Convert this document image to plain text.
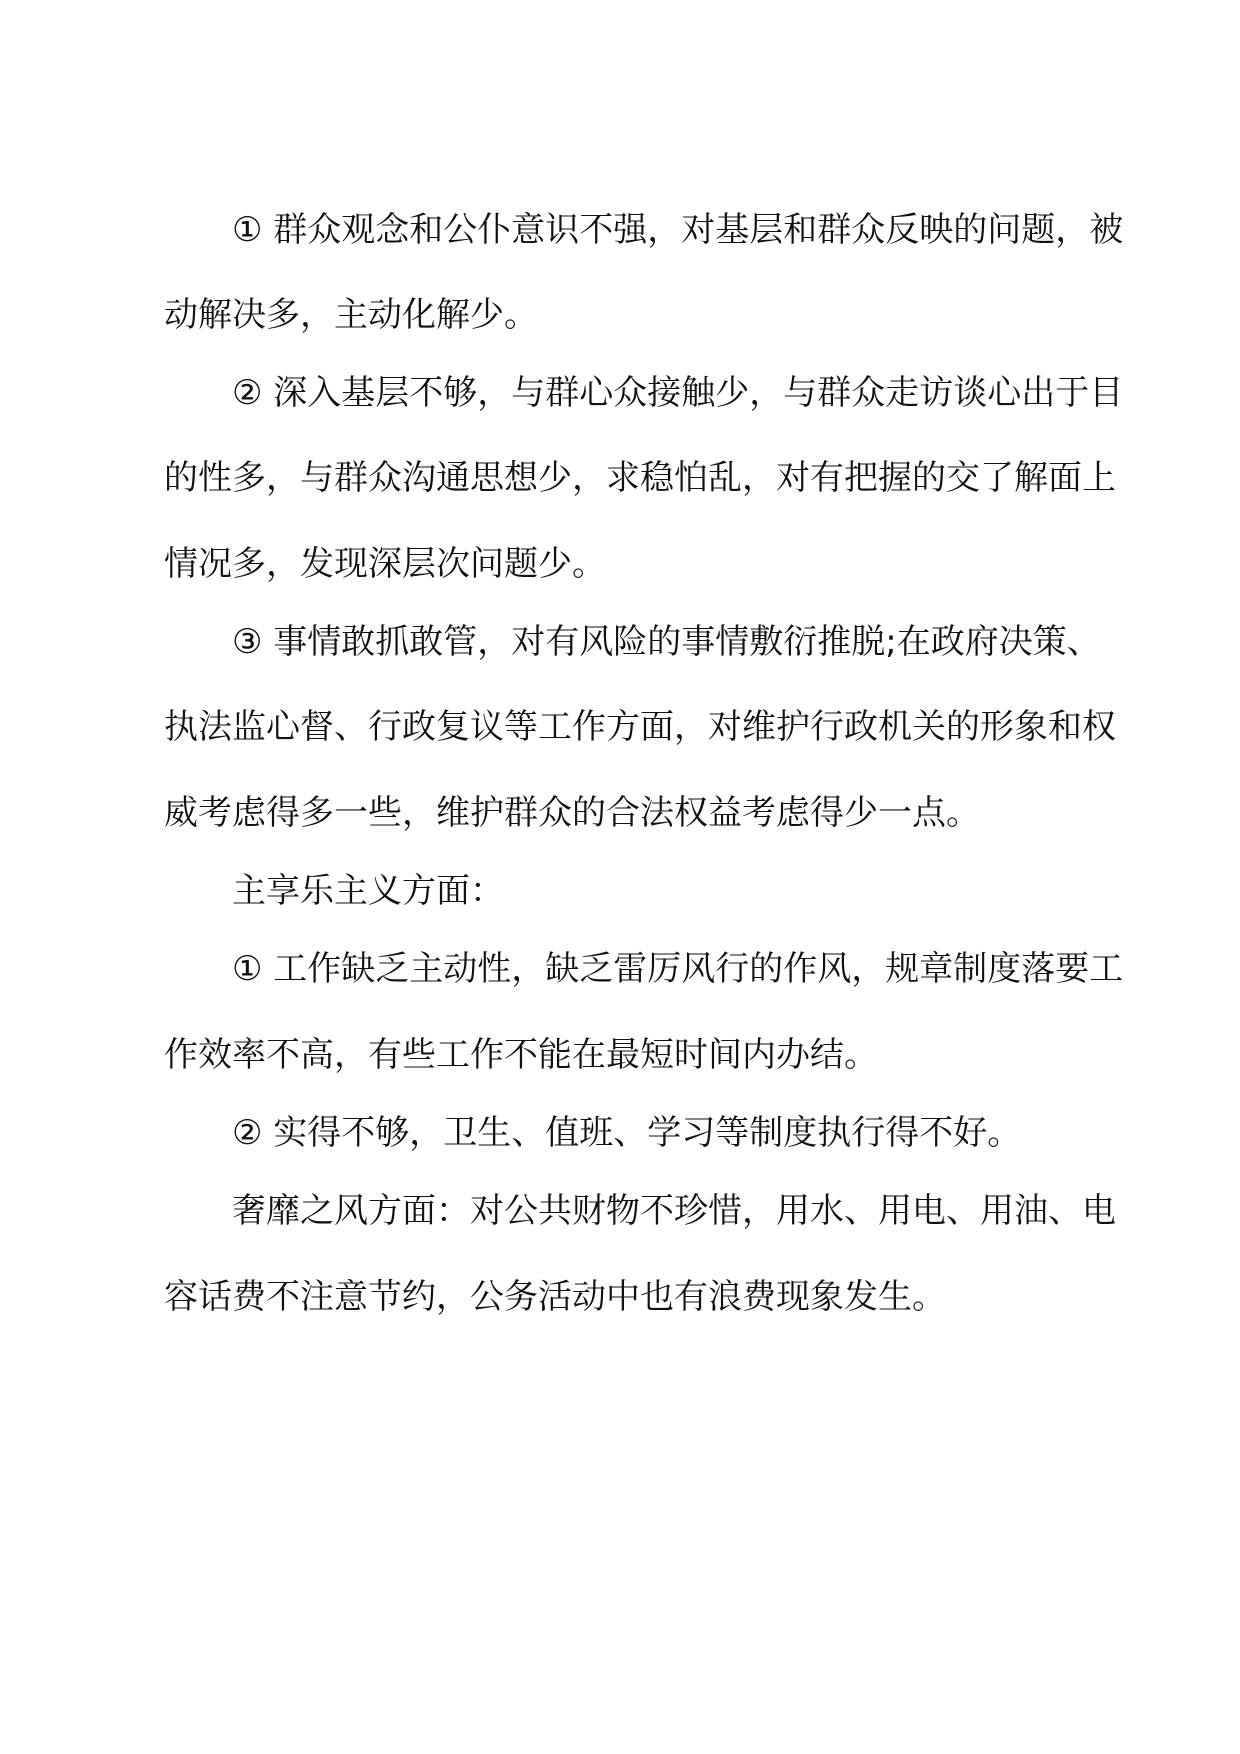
① 群众观念和公仆意识不强，对基层和群众反映的问题，被

动解决多，主动化解少。

② 深入基层不够，与群心众接触少，与群众走访谈心出于目

的性多，与群众沟通思想少，求稳怕乱，对有把握的交了解面上

情况多，发现深层次问题少。

③ 事情敢抓敢管，对有风险的事情敷衍推脱;在政府决策、

执法监心督、行政复议等工作方面，对维护行政机关的形象和权

威考虑得多一些，维护群众的合法权益考虑得少一点。

主享乐主义方面：

① 工作缺乏主动性，缺乏雷厉风行的作风，规章制度落要工

作效率不高，有些工作不能在最短时间内办结。

② 实得不够，卫生、值班、学习等制度执行得不好。

奢靡之风方面：对公共财物不珍惜，用水、用电、用油、电

容话费不注意节约，公务活动中也有浪费现象发生。
